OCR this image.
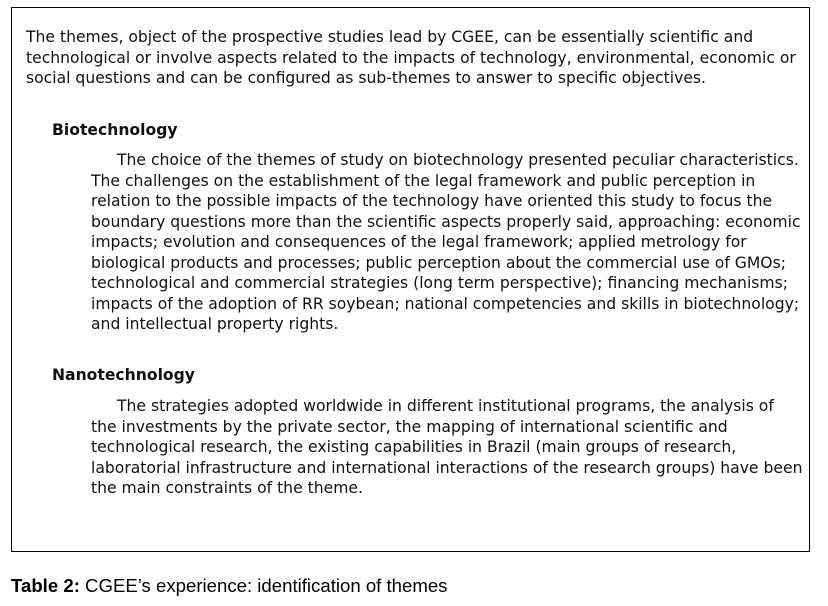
The themes, object of the prospective studies lead by CGEE, can be essentially scientific and technological or involve aspects related to the impacts of technology, environmental, economic or social questions and can be configured as sub-themes to answer to specific objectives.

Biotechnology

The choice of the themes of study on biotechnology presented peculiar characteristics. The challenges on the establishment of the legal framework and public perception in relation to the possible impacts of the technology have oriented this study to focus the boundary questions more than the scientific aspects properly said, approaching: economic impacts; evolution and consequences of the legal framework; applied metrology for biological products and processes; public perception about the commercial use of GMOs; technological and commercial strategies (long term perspective); financing mechanisms; impacts of the adoption of RR soybean; national competencies and skills in biotechnology; and intellectual property rights.

Nanotechnology

The strategies adopted worldwide in different institutional programs, the analysis of the investments by the private sector, the mapping of international scientific and technological research, the existing capabilities in Brazil (main groups of research, laboratorial infrastructure and international interactions of the research groups) have been the main constraints of the theme.

Table 2: CGEE’s experience: identification of themes
